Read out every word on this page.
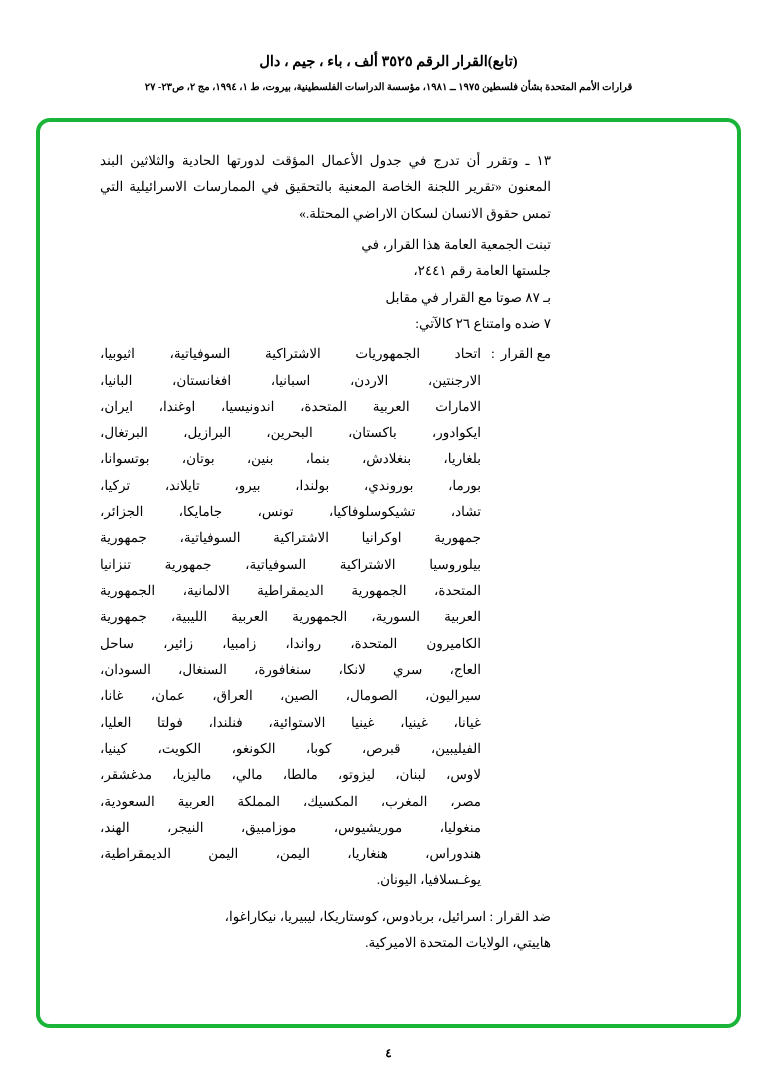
(تابع)القرار الرقم ٣٥٢٥ ألف ، باء ، جيم ، دال
قرارات الأمم المتحدة بشأن فلسطين ١٩٧٥ ــ ١٩٨١، مؤسسة الدراسات الفلسطينية، بيروت، ط ١، ١٩٩٤، مج ٢، ص٢٣- ٢٧

١٣ ـ وتقرر أن تدرج في جدول الأعمال المؤقت لدورتها الحادية والثلاثين البند المعنون «تقرير اللجنة الخاصة المعنية بالتحقيق في الممارسات الاسرائيلية التي تمس حقوق الانسان لسكان الاراضي المحتلة.»

تبنت الجمعية العامة هذا القرار، في
جلستها العامة رقم ٢٤٤١،
بـ ٨٧ صوتا مع القرار في مقابل
٧ ضده وامتناع ٢٦ كالآتي:
مع القرار
:
اتحاد الجمهوريات الاشتراكية السوفياتية، اثيوبيا،
الارجنتين، الاردن، اسبانيا، افغانستان، البانيا،
الامارات العربية المتحدة، اندونيسيا، اوغندا، ايران،
ايكوادور، باكستان، البحرين، البرازيل، البرتغال،
بلغاريا، بنغلادش، بنما، بنين، بوتان، بوتسوانا،
بورما، بوروندي، بولندا، بيرو، تايلاند، تركيا،
تشاد، تشيكوسلوفاكيا، تونس، جامايكا، الجزائر،
جمهورية اوكرانيا الاشتراكية السوفياتية، جمهورية
بيلوروسيا الاشتراكية السوفياتية، جمهورية تنزانيا
المتحدة، الجمهورية الديمقراطية الالمانية، الجمهورية
العربية السورية، الجمهورية العربية الليبية، جمهورية
الكاميرون المتحدة، رواندا، زامبيا، زائير، ساحل
العاج، سري لانكا، سنغافورة، السنغال، السودان،
سيراليون، الصومال، الصين، العراق، عمان، غانا،
غيانا، غينيا، غينيا الاستوائية، فنلندا، فولتا العليا،
الفيليبين، قبرص، كوبا، الكونغو، الكويت، كينيا،
لاوس، لبنان، ليزوتو، مالطا، مالي، ماليزيا، مدغشقر،
مصر، المغرب، المكسيك، المملكة العربية السعودية،
منغوليا، موريشيوس، موزامبيق، النيجر، الهند،
هندوراس، هنغاريا، اليمن، اليمن الديمقراطية،
يوغـسلافيا، اليونان.
ضد القرار : اسرائيل، بربادوس، كوستاريكا، ليبيريا، نيكاراغوا،
هاييتي، الولايات المتحدة الاميركية.
٤
